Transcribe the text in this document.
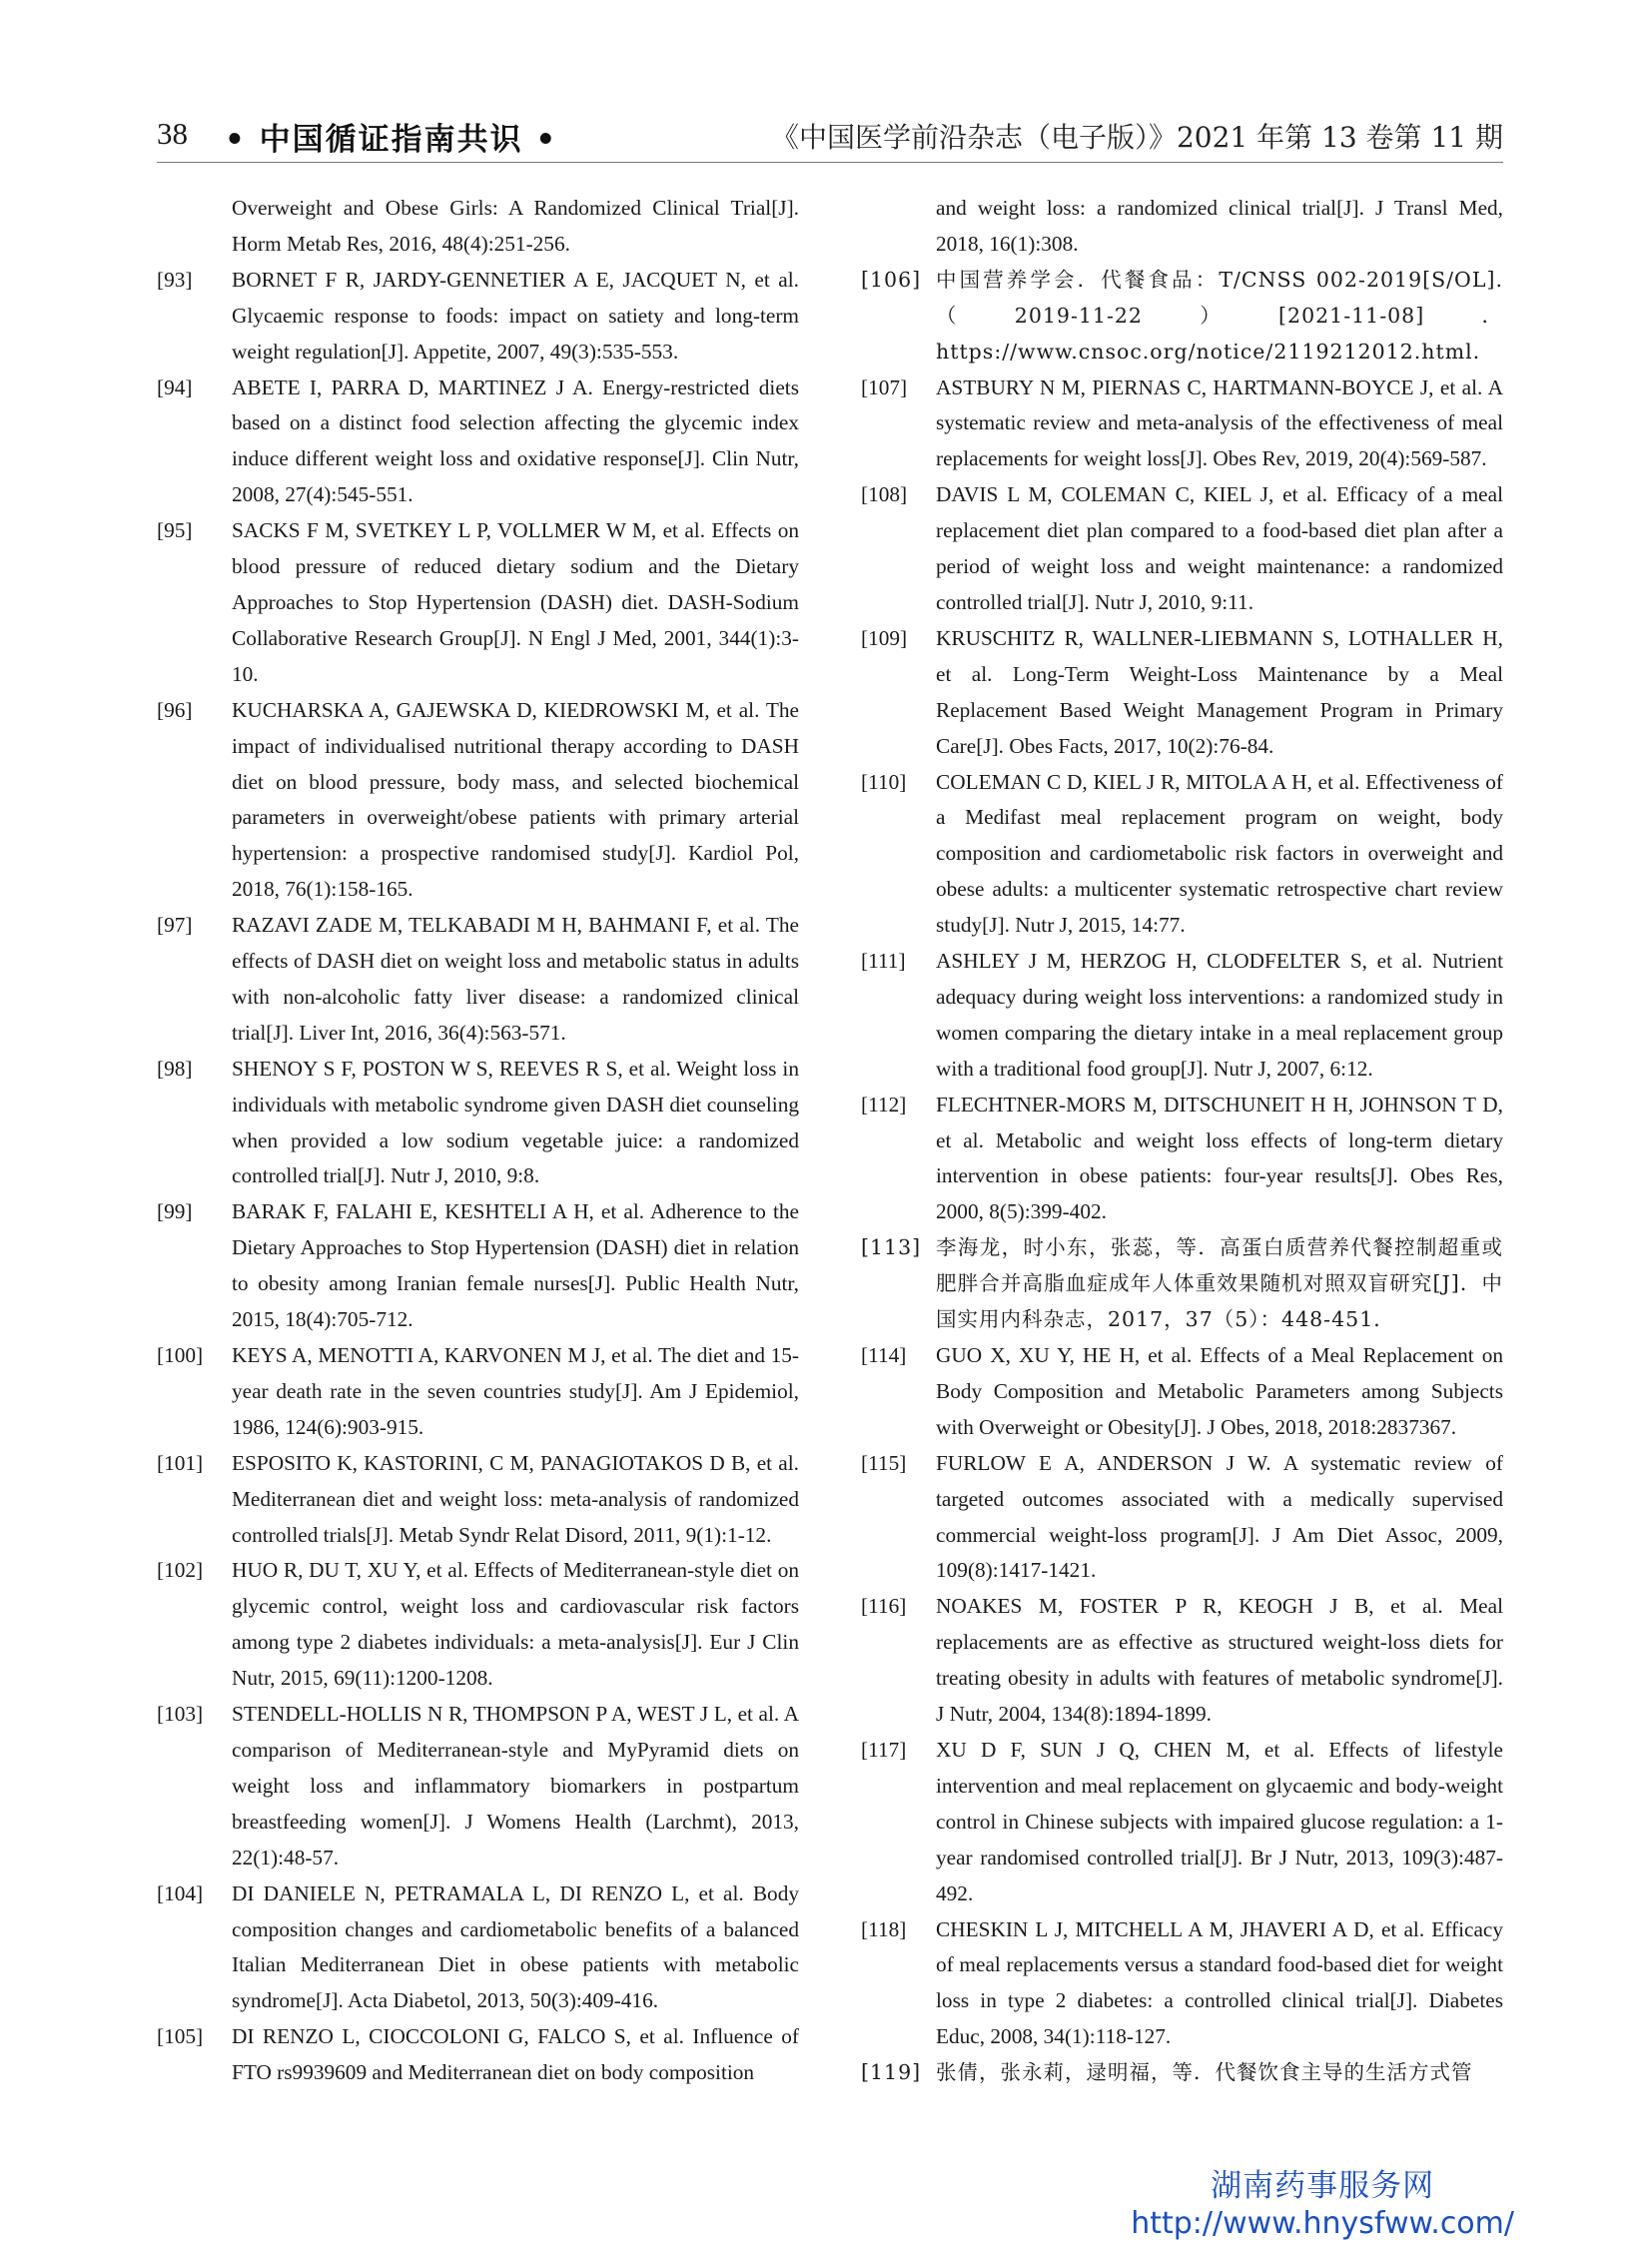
38 • 中国循证指南共识 •	《中国医学前沿杂志（电子版）》2021 年第 13 卷第 11 期
Overweight and Obese Girls: A Randomized Clinical Trial[J]. Horm Metab Res, 2016, 48(4):251-256.
[93]	BORNET F R, JARDY-GENNETIER A E, JACQUET N, et al. Glycaemic response to foods: impact on satiety and long-term weight regulation[J]. Appetite, 2007, 49(3):535-553.
[94]	ABETE I, PARRA D, MARTINEZ J A. Energy-restricted diets based on a distinct food selection affecting the glycemic index induce different weight loss and oxidative response[J]. Clin Nutr, 2008, 27(4):545-551.
[95]	SACKS F M, SVETKEY L P, VOLLMER W M, et al. Effects on blood pressure of reduced dietary sodium and the Dietary Approaches to Stop Hypertension (DASH) diet. DASH-Sodium Collaborative Research Group[J]. N Engl J Med, 2001, 344(1):3-10.
[96]	KUCHARSKA A, GAJEWSKA D, KIEDROWSKI M, et al. The impact of individualised nutritional therapy according to DASH diet on blood pressure, body mass, and selected biochemical parameters in overweight/obese patients with primary arterial hypertension: a prospective randomised study[J]. Kardiol Pol, 2018, 76(1):158-165.
[97]	RAZAVI ZADE M, TELKABADI M H, BAHMANI F, et al. The effects of DASH diet on weight loss and metabolic status in adults with non-alcoholic fatty liver disease: a randomized clinical trial[J]. Liver Int, 2016, 36(4):563-571.
[98]	SHENOY S F, POSTON W S, REEVES R S, et al. Weight loss in individuals with metabolic syndrome given DASH diet counseling when provided a low sodium vegetable juice: a randomized controlled trial[J]. Nutr J, 2010, 9:8.
[99]	BARAK F, FALAHI E, KESHTELI A H, et al. Adherence to the Dietary Approaches to Stop Hypertension (DASH) diet in relation to obesity among Iranian female nurses[J]. Public Health Nutr, 2015, 18(4):705-712.
[100]	KEYS A, MENOTTI A, KARVONEN M J, et al. The diet and 15-year death rate in the seven countries study[J]. Am J Epidemiol, 1986, 124(6):903-915.
[101]	ESPOSITO K, KASTORINI, C M, PANAGIOTAKOS D B, et al. Mediterranean diet and weight loss: meta-analysis of randomized controlled trials[J]. Metab Syndr Relat Disord, 2011, 9(1):1-12.
[102]	HUO R, DU T, XU Y, et al. Effects of Mediterranean-style diet on glycemic control, weight loss and cardiovascular risk factors among type 2 diabetes individuals: a meta-analysis[J]. Eur J Clin Nutr, 2015, 69(11):1200-1208.
[103]	STENDELL-HOLLIS N R, THOMPSON P A, WEST J L, et al. A comparison of Mediterranean-style and MyPyramid diets on weight loss and inflammatory biomarkers in postpartum breastfeeding women[J]. J Womens Health (Larchmt), 2013, 22(1):48-57.
[104]	DI DANIELE N, PETRAMALA L, DI RENZO L, et al. Body composition changes and cardiometabolic benefits of a balanced Italian Mediterranean Diet in obese patients with metabolic syndrome[J]. Acta Diabetol, 2013, 50(3):409-416.
[105]	DI RENZO L, CIOCCOLONI G, FALCO S, et al. Influence of FTO rs9939609 and Mediterranean diet on body composition
and weight loss: a randomized clinical trial[J]. J Transl Med, 2018, 16(1):308.
[106] 中国营养学会．代餐食品：T/CNSS 002-2019[S/OL].（2019-11-22）[2021-11-08]．https://www.cnsoc.org/notice/2119212012.html．
[107]	ASTBURY N M, PIERNAS C, HARTMANN-BOYCE J, et al. A systematic review and meta-analysis of the effectiveness of meal replacements for weight loss[J]. Obes Rev, 2019, 20(4):569-587.
[108]	DAVIS L M, COLEMAN C, KIEL J, et al. Efficacy of a meal replacement diet plan compared to a food-based diet plan after a period of weight loss and weight maintenance: a randomized controlled trial[J]. Nutr J, 2010, 9:11.
[109]	KRUSCHITZ R, WALLNER-LIEBMANN S, LOTHALLER H, et al. Long-Term Weight-Loss Maintenance by a Meal Replacement Based Weight Management Program in Primary Care[J]. Obes Facts, 2017, 10(2):76-84.
[110]	COLEMAN C D, KIEL J R, MITOLA A H, et al. Effectiveness of a Medifast meal replacement program on weight, body composition and cardiometabolic risk factors in overweight and obese adults: a multicenter systematic retrospective chart review study[J]. Nutr J, 2015, 14:77.
[111]	ASHLEY J M, HERZOG H, CLODFELTER S, et al. Nutrient adequacy during weight loss interventions: a randomized study in women comparing the dietary intake in a meal replacement group with a traditional food group[J]. Nutr J, 2007, 6:12.
[112]	FLECHTNER-MORS M, DITSCHUNEIT H H, JOHNSON T D, et al. Metabolic and weight loss effects of long-term dietary intervention in obese patients: four-year results[J]. Obes Res, 2000, 8(5):399-402.
[113] 李海龙，时小东，张蕊，等．高蛋白质营养代餐控制超重或肥胖合并高脂血症成年人体重效果随机对照双盲研究[J]．中国实用内科杂志，2017，37（5）：448-451．
[114]	GUO X, XU Y, HE H, et al. Effects of a Meal Replacement on Body Composition and Metabolic Parameters among Subjects with Overweight or Obesity[J]. J Obes, 2018, 2018:2837367.
[115]	FURLOW E A, ANDERSON J W. A systematic review of targeted outcomes associated with a medically supervised commercial weight-loss program[J]. J Am Diet Assoc, 2009, 109(8):1417-1421.
[116]	NOAKES M, FOSTER P R, KEOGH J B, et al. Meal replacements are as effective as structured weight-loss diets for treating obesity in adults with features of metabolic syndrome[J]. J Nutr, 2004, 134(8):1894-1899.
[117]	XU D F, SUN J Q, CHEN M, et al. Effects of lifestyle intervention and meal replacement on glycaemic and body-weight control in Chinese subjects with impaired glucose regulation: a 1-year randomised controlled trial[J]. Br J Nutr, 2013, 109(3):487-492.
[118]	CHESKIN L J, MITCHELL A M, JHAVERI A D, et al. Efficacy of meal replacements versus a standard food-based diet for weight loss in type 2 diabetes: a controlled clinical trial[J]. Diabetes Educ, 2008, 34(1):118-127.
[119] 张倩，张永莉，逯明福，等．代餐饮食主导的生活方式管
湖南药事服务网
http://www.hnysfww.com/
